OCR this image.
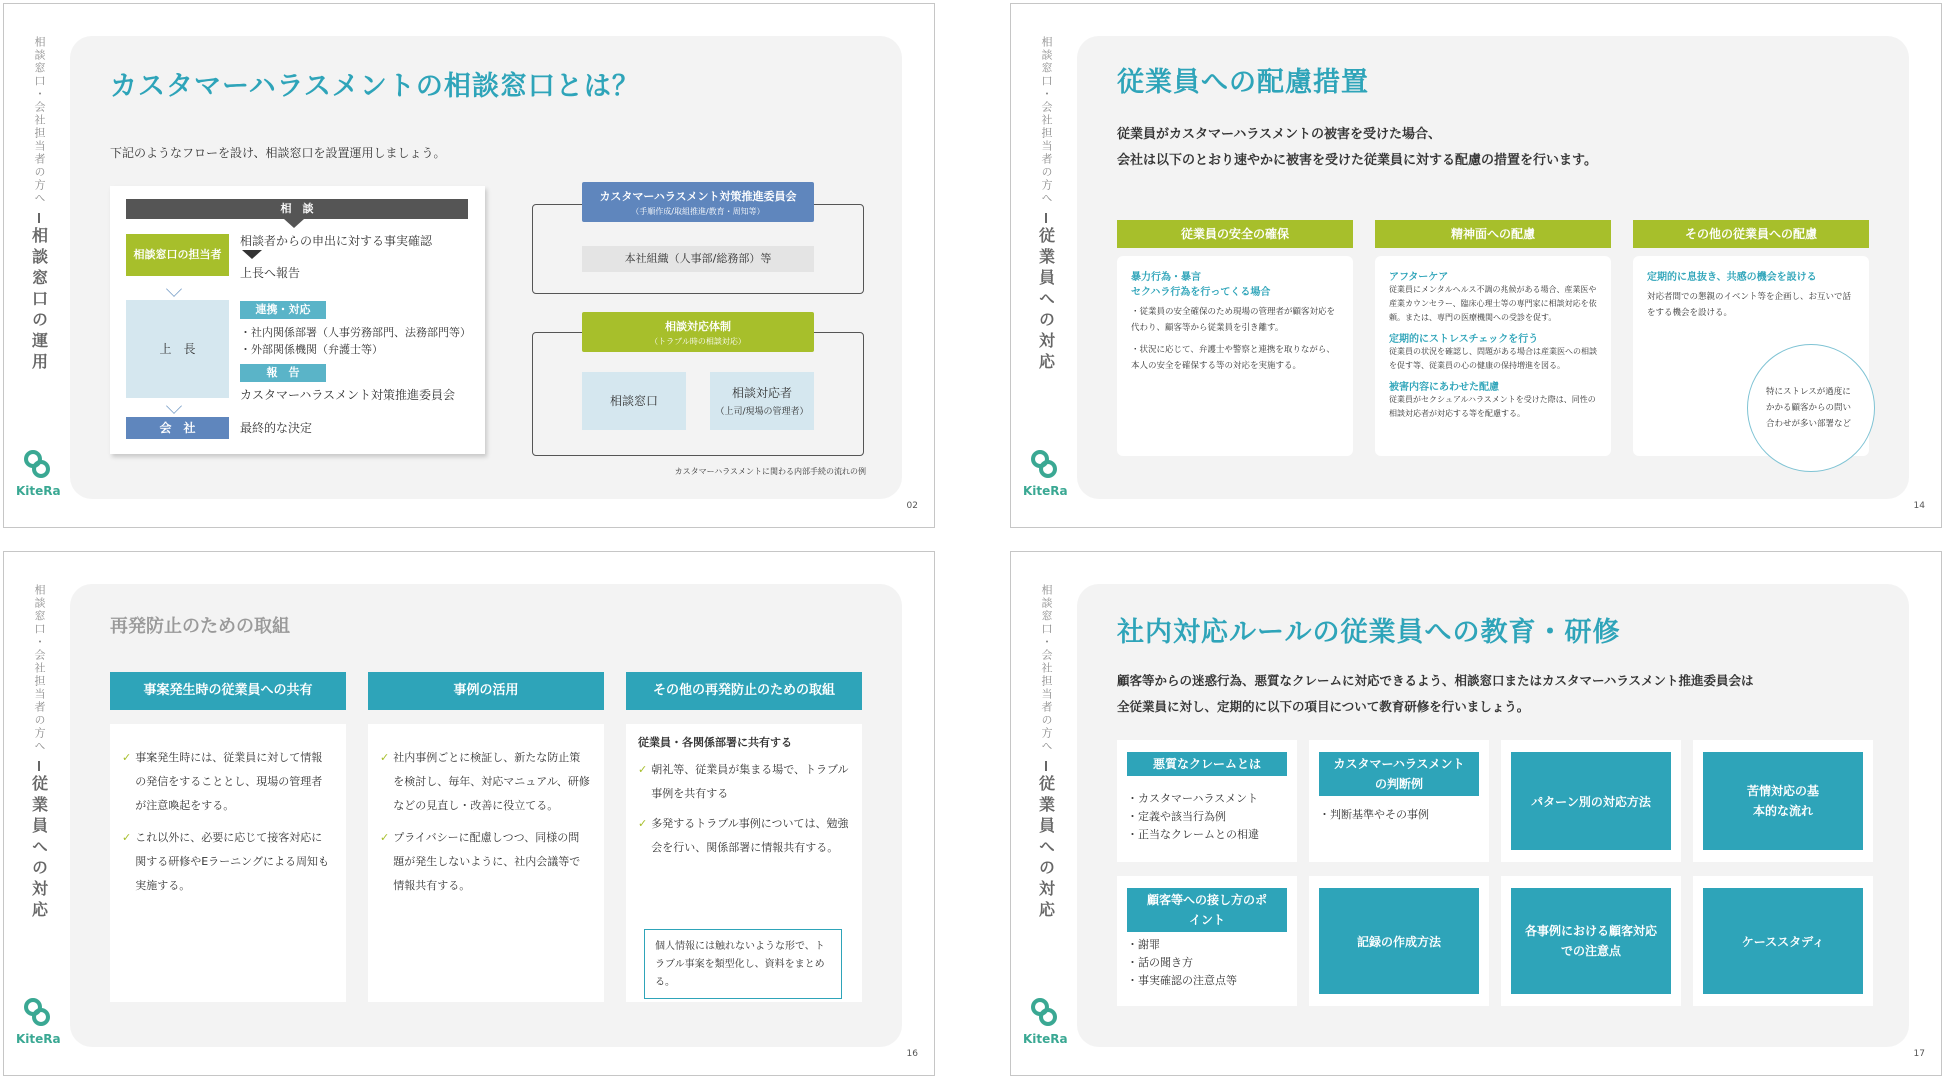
相談窓口・会社担当者の方へ
相談窓口の運用
KiteRa
カスタマーハラスメントの相談窓口とは？
下記のようなフローを設け、相談窓口を設置運用しましょう。
相　談
相談窓口の担当者
相談者からの申出に対する事実確認
上長へ報告
上　長
連携・対応
・社内関係部署（人事労務部門、法務部門等）
・外部関係機関（弁護士等）
報　告
カスタマーハラスメント対策推進委員会
会　社	最終的な決定
カスタマーハラスメント対策推進委員会
（手順作成/取組推進/教育・周知等）
本社組織（人事部/総務部）等
相談対応体制
（トラブル時の相談対応）
相談窓口
相談対応者
（上司/現場の管理者）
カスタマーハラスメントに関わる内部手続の流れの例
02
相談窓口・会社担当者の方へ
従業員への対応
KiteRa
従業員への配慮措置
従業員がカスタマーハラスメントの被害を受けた場合、
会社は以下のとおり速やかに被害を受けた従業員に対する配慮の措置を行います。
従業員の安全の確保
暴力行為・暴言
セクハラ行為を行ってくる場合
・従業員の安全確保のため現場の管理者が顧客対応を代わり、顧客等から従業員を引き離す。
・状況に応じて、弁護士や警察と連携を取りながら、本人の安全を確保する等の対応を実施する。
精神面への配慮
アフターケア
従業員にメンタルヘルス不調の兆候がある場合、産業医や産業カウンセラー、臨床心理士等の専門家に相談対応を依頼。または、専門の医療機関への受診を促す。
定期的にストレスチェックを行う
従業員の状況を確認し、問題がある場合は産業医への相談を促す等、従業員の心の健康の保持増進を図る。
被害内容にあわせた配慮
従業員がセクシュアルハラスメントを受けた際は、同性の相談対応者が対応する等を配慮する。
その他の従業員への配慮
定期的に息抜き、共感の機会を設ける
対応者間での懇親のイベント等を企画し、お互いで話をする機会を設ける。
特にストレスが過度にかかる顧客からの問い合わせが多い部署など
14
相談窓口・会社担当者の方へ
従業員への対応
KiteRa
再発防止のための取組
事案発生時の従業員への共有
✓ 事案発生時には、従業員に対して情報の発信をすることとし、現場の管理者が注意喚起をする。
✓ これ以外に、必要に応じて接客対応に関する研修やEラーニングによる周知も実施する。
事例の活用
✓ 社内事例ごとに検証し、新たな防止策を検討し、毎年、対応マニュアル、研修などの見直し・改善に役立てる。
✓ プライバシーに配慮しつつ、同様の問題が発生しないように、社内会議等で情報共有する。
その他の再発防止のための取組
従業員・各関係部署に共有する
✓ 朝礼等、従業員が集まる場で、トラブル事例を共有する
✓ 多発するトラブル事例については、勉強会を行い、関係部署に情報共有する。
個人情報には触れないような形で、トラブル事案を類型化し、資料をまとめる。
16
相談窓口・会社担当者の方へ
従業員への対応
KiteRa
社内対応ルールの従業員への教育・研修
顧客等からの迷惑行為、悪質なクレームに対応できるよう、相談窓口またはカスタマーハラスメント推進委員会は
全従業員に対し、定期的に以下の項目について教育研修を行いましょう。
悪質なクレームとは
・カスタマーハラスメント
・定義や該当行為例
・正当なクレームとの相違
カスタマーハラスメントの判断例
・判断基準やその事例
パターン別の対応方法
苦情対応の基本的な流れ
顧客等への接し方のポイント
・謝罪
・話の聞き方
・事実確認の注意点等
記録の作成方法
各事例における顧客対応での注意点
ケーススタディ
17
